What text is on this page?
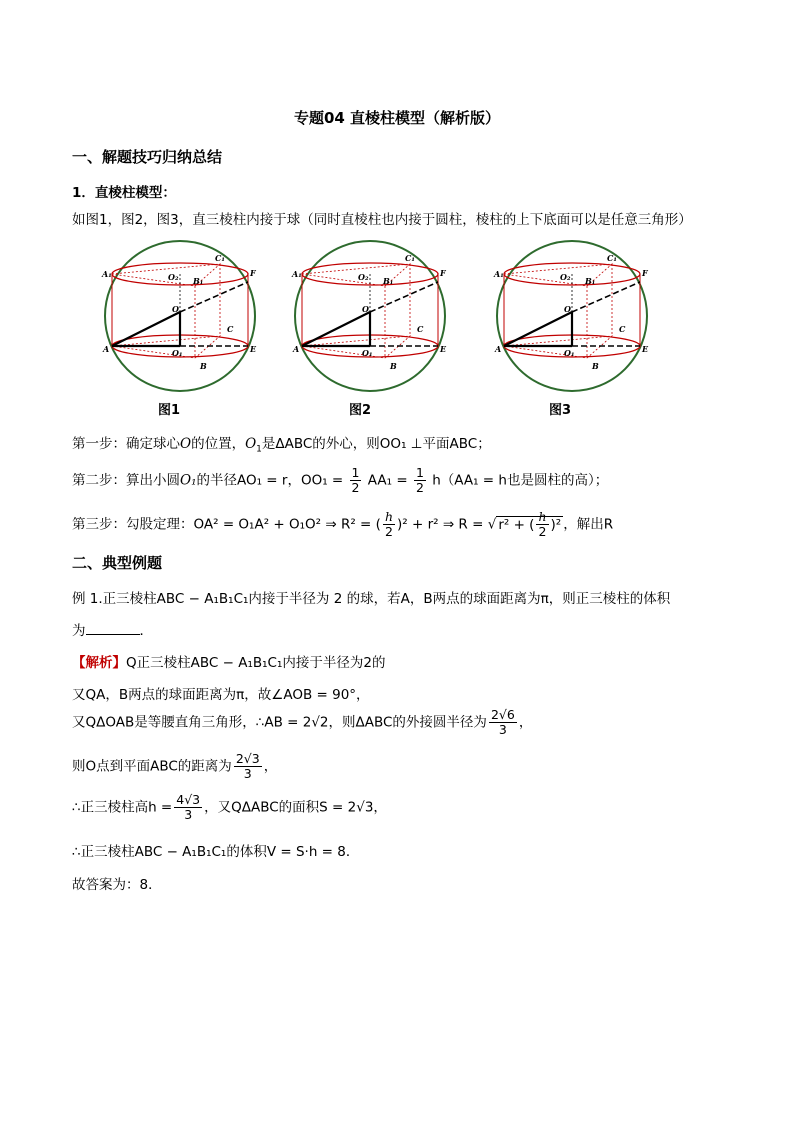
专题04 直棱柱模型（解析版）
一、解题技巧归纳总结
1．直棱柱模型：
如图1，图2，图3，直三棱柱内接于球（同时直棱柱也内接于圆柱，棱柱的上下底面可以是任意三角形）
A₁	O₂ B₁
C₁
F
O
C
A	O₁
B
E
图1	图2	图3
第一步：确定球心O的位置，$O_1$是ΔABC的外心，则OO₁ ⊥平面ABC；
第二步：算出小圆O₁的半径AO₁ = r，$OO_1 = \frac{1}{2} AA_1 = \frac{1}{2} h(AA_1 = h$也是圆柱的高）；
第三步：勾股定理：OA² = O₁A² + O₁O² ⇒ R² = ( $\frac{h}{2} )^2 + r^2$ ⇒ R = √ r² + ( $\frac{h}{2} )^2$ ，解出R
二、典型例题
例 1.正三棱柱ABC − A₁B₁C₁内接于半径为 2 的球，若A，B两点的球面距离为π，则正三棱柱的体积
为	．
【解析】Q正三棱柱ABC − A₁B₁C₁内接于半径为2的
又QA，B两点的球面距离为π，故∠AOB = 90°，
又QΔOAB是等腰直角三角形，∴AB = 2√2，则ΔABC的外接圆半径为 $\frac{2√6}{3}$ ，
则O点到平面ABC的距离为 $\frac{2√3}{3}$ ，
∴正三棱柱高$h = \frac{4√3}{3}$ ，又QΔABC的面积S = 2√3，
∴正三棱柱ABC − A₁B₁C₁的体积V = S·h = 8．
故答案为：8．
